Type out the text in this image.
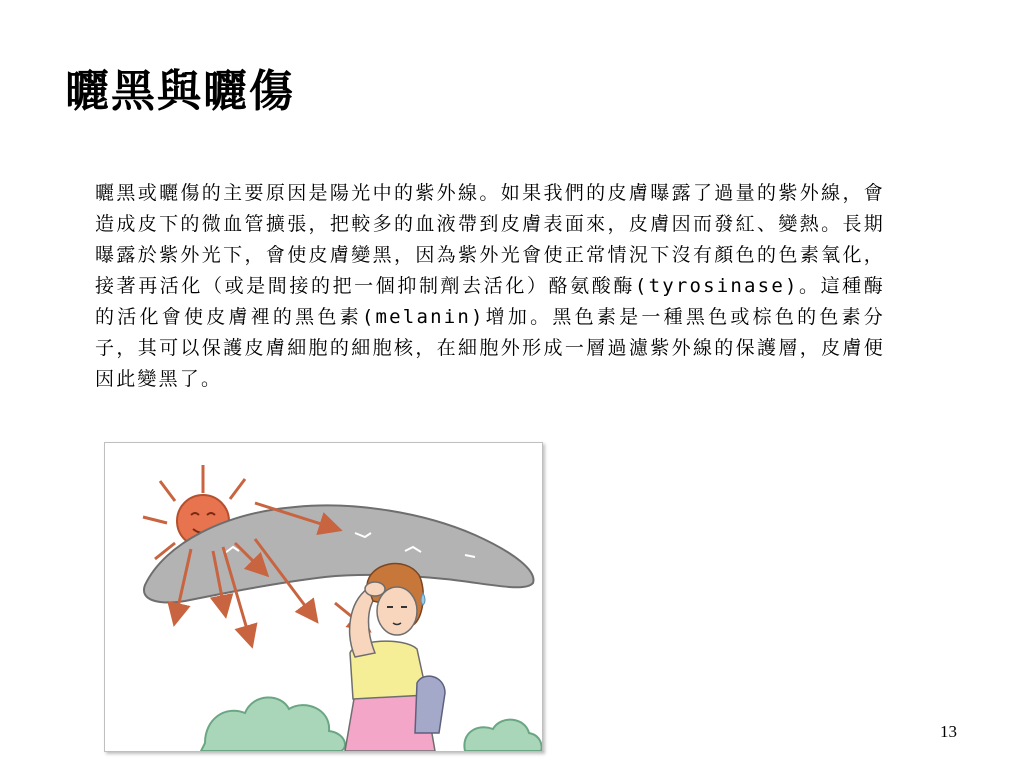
曬黑與曬傷
曬黑或曬傷的主要原因是陽光中的紫外線。如果我們的皮膚曝露了過量的紫外線，會造成皮下的微血管擴張，把較多的血液帶到皮膚表面來，皮膚因而發紅、變熱。長期曝露於紫外光下，會使皮膚變黑，因為紫外光會使正常情況下沒有顏色的色素氧化，接著再活化（或是間接的把一個抑制劑去活化）酪氨酸酶(tyrosinase)。這種酶的活化會使皮膚裡的黑色素(melanin)增加。黑色素是一種黑色或棕色的色素分子，其可以保護皮膚細胞的細胞核，在細胞外形成一層過濾紫外線的保護層，皮膚便因此變黑了。
13
